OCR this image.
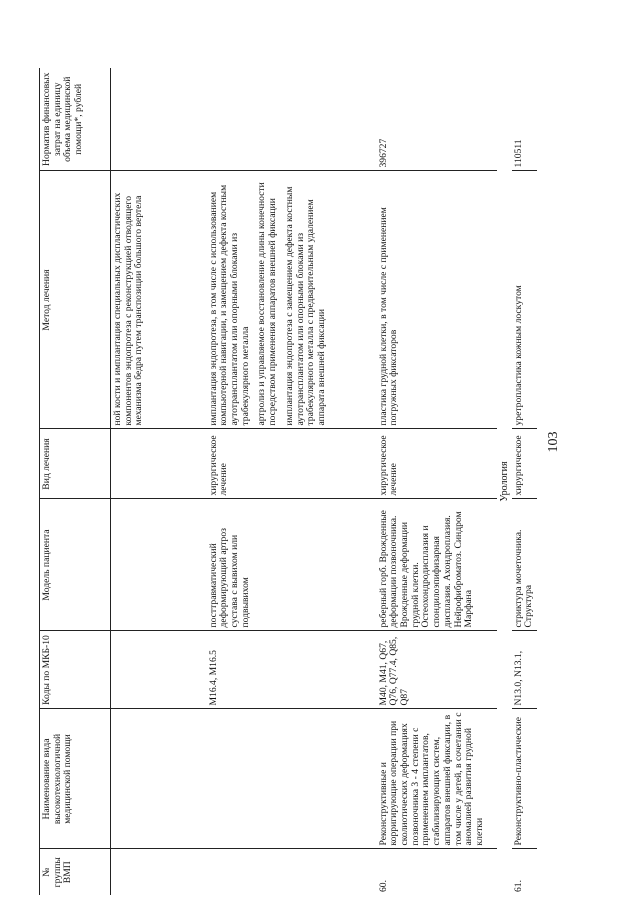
103
№ группы ВМП	Наименование вида высокотехнологичной медицинской помощи	Коды по МКБ-10	Модель пациента	Вид лечения	Метод лечения	Норматив финансовых затрат на единицу объема медицинской помощи*, рублей

					ной кости и имплантация специальных диспластических компонентов эндопротеза с реконструкцией отводящего механизма бедра путем транспозиции большого вертела	

		M16.4, M16.5	посттравматический деформирующий артроз сустава с вывихом или подвывихом	хирургическое лечение	имплантация эндопротеза, в том числе с использованием компьютерной навигации, и замещением дефекта костным аутотрансплантатом или опорными блоками из трабекулярного металла артролиз и управляемое восстановление длины конечности посредством применения аппаратов внешней фиксации имплантация эндопротеза с замещением дефекта костным аутотрансплантатом или опорными блоками из трабекулярного металла с предварительным удалением аппарата внешней фиксации	

60.	Реконструктивные и корригирующие операции при сколиотических деформациях позвоночника 3 - 4 степени с применением имплантатов, стабилизирующих систем, аппаратов внешней фиксации, в том числе у детей, в сочетании с аномалией развития грудной клетки	M40, M41, Q67, Q76, Q77.4, Q85, Q87	реберный горб. Врожденные деформации позвоночника. Врожденные деформации грудной клетки. Остеохондродисплазия и спондилоэпифизарная дисплазия. Ахондроплазия. Нейрофиброматоз. Синдром Марфана	хирургическое лечение	пластика грудной клетки, в том числе с применением погружных фиксаторов	396727
Урология						
61.	Реконструктивно-пластические	N13.0, N13.1,	стриктура мочеточника. Структура	хирургическое	уретропластика кожным лоскутом	110511
